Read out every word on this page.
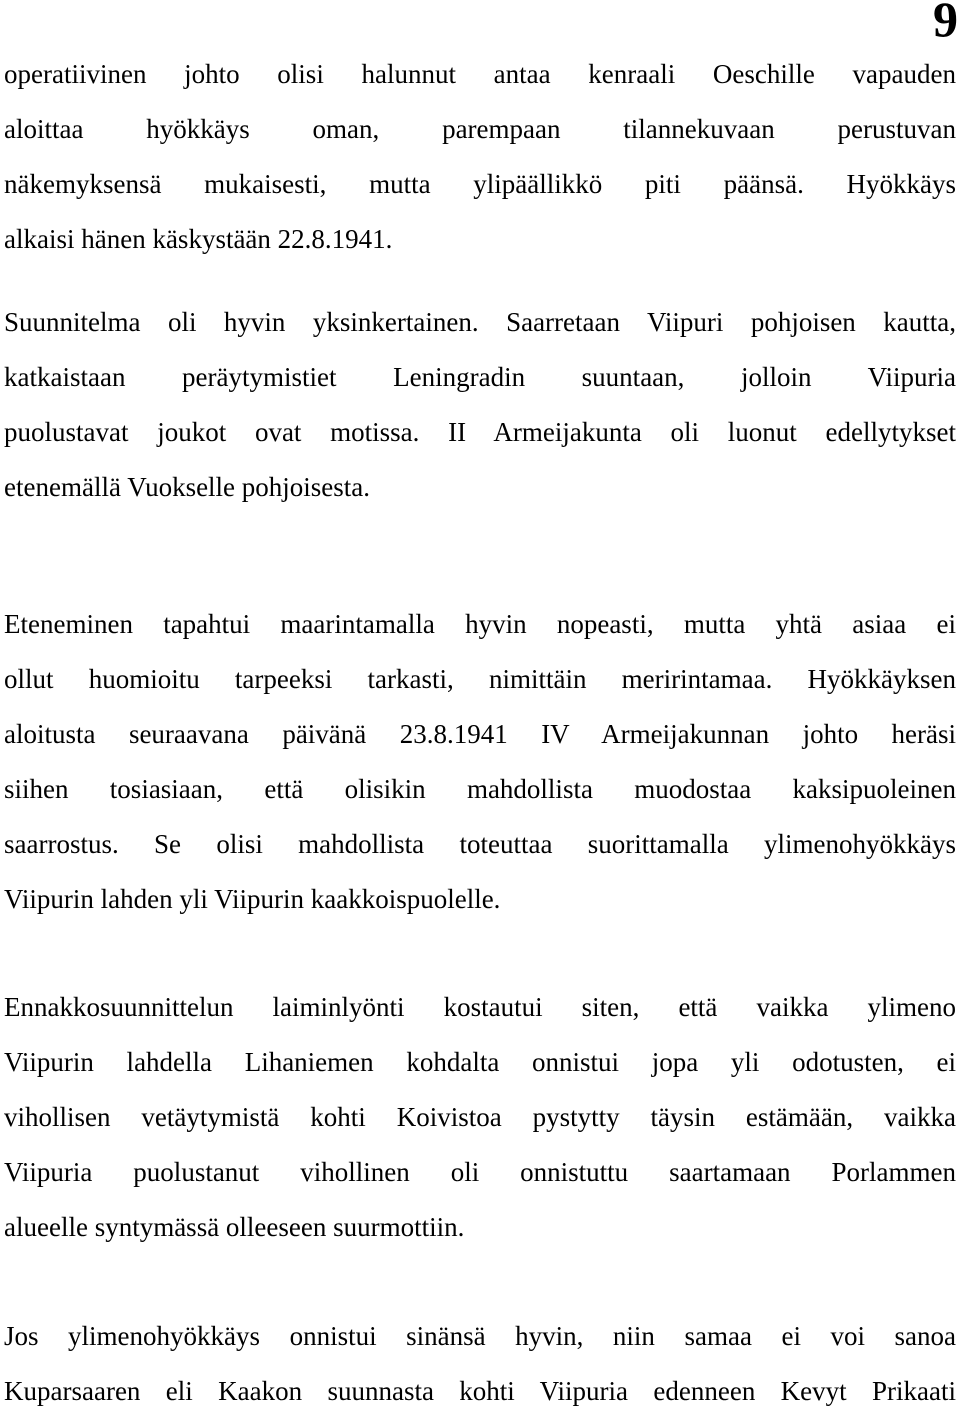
9

operatiivinen johto olisi halunnut antaa kenraali Oeschille vapauden
aloittaa hyökkäys oman, parempaan tilannekuvaan perustuvan
näkemyksensä mukaisesti, mutta ylipäällikkö piti päänsä. Hyökkäys
alkaisi hänen käskystään 22.8.1941.

Suunnitelma oli hyvin yksinkertainen. Saarretaan Viipuri pohjoisen kautta,
katkaistaan peräytymistiet Leningradin suuntaan, jolloin Viipuria
puolustavat joukot ovat motissa. II Armeijakunta oli luonut edellytykset
etenemällä Vuokselle pohjoisesta.

Eteneminen tapahtui maarintamalla hyvin nopeasti, mutta yhtä asiaa ei
ollut huomioitu tarpeeksi tarkasti, nimittäin meririntamaa. Hyökkäyksen
aloitusta seuraavana päivänä 23.8.1941 IV Armeijakunnan johto heräsi
siihen tosiasiaan, että olisikin mahdollista muodostaa kaksipuoleinen
saarrostus. Se olisi mahdollista toteuttaa suorittamalla ylimenohyökkäys
Viipurin lahden yli Viipurin kaakkoispuolelle.

Ennakkosuunnittelun laiminlyönti kostautui siten, että vaikka ylimeno
Viipurin lahdella Lihaniemen kohdalta onnistui jopa yli odotusten, ei
vihollisen vetäytymistä kohti Koivistoa pystytty täysin estämään, vaikka
Viipuria puolustanut vihollinen oli onnistuttu saartamaan Porlammen
alueelle syntymässä olleeseen suurmottiin.

Jos ylimenohyökkäys onnistui sinänsä hyvin, niin samaa ei voi sanoa
Kuparsaaren eli Kaakon suunnasta kohti Viipuria edenneen Kevyt Prikaati
